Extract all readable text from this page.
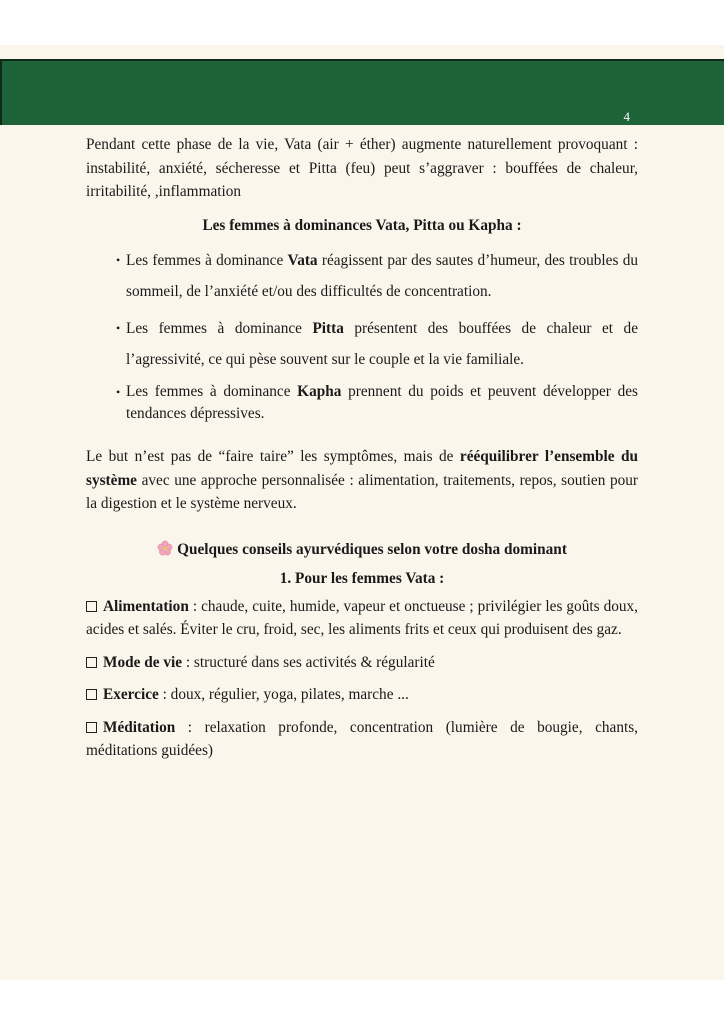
4

Pendant cette phase de la vie, Vata (air + éther) augmente naturellement provoquant : instabilité, anxiété, sécheresse et Pitta (feu) peut s’aggraver : bouffées de chaleur, irritabilité, ,inflammation

Les femmes à dominances Vata, Pitta ou Kapha :

• Les femmes à dominance Vata réagissent par des sautes d’humeur, des troubles du sommeil, de l’anxiété et/ou des difficultés de concentration.
• Les femmes à dominance Pitta présentent des bouffées de chaleur et de l’agressivité, ce qui pèse souvent sur le couple et la vie familiale.
• Les femmes à dominance Kapha prennent du poids et peuvent développer des tendances dépressives.

Le but n’est pas de “faire taire” les symptômes, mais de rééquilibrer l’ensemble du système avec une approche personnalisée : alimentation, traitements, repos, soutien pour la digestion et le système nerveux.

Quelques conseils ayurvédiques selon votre dosha dominant

1. Pour les femmes Vata :

Alimentation : chaude, cuite, humide, vapeur et onctueuse ; privilégier les goûts doux, acides et salés. Éviter le cru, froid, sec, les aliments frits et ceux qui produisent des gaz.

Mode de vie : structuré dans ses activités & régularité

Exercice : doux, régulier, yoga, pilates, marche ...

Méditation : relaxation profonde, concentration (lumière de bougie, chants, méditations guidées)
